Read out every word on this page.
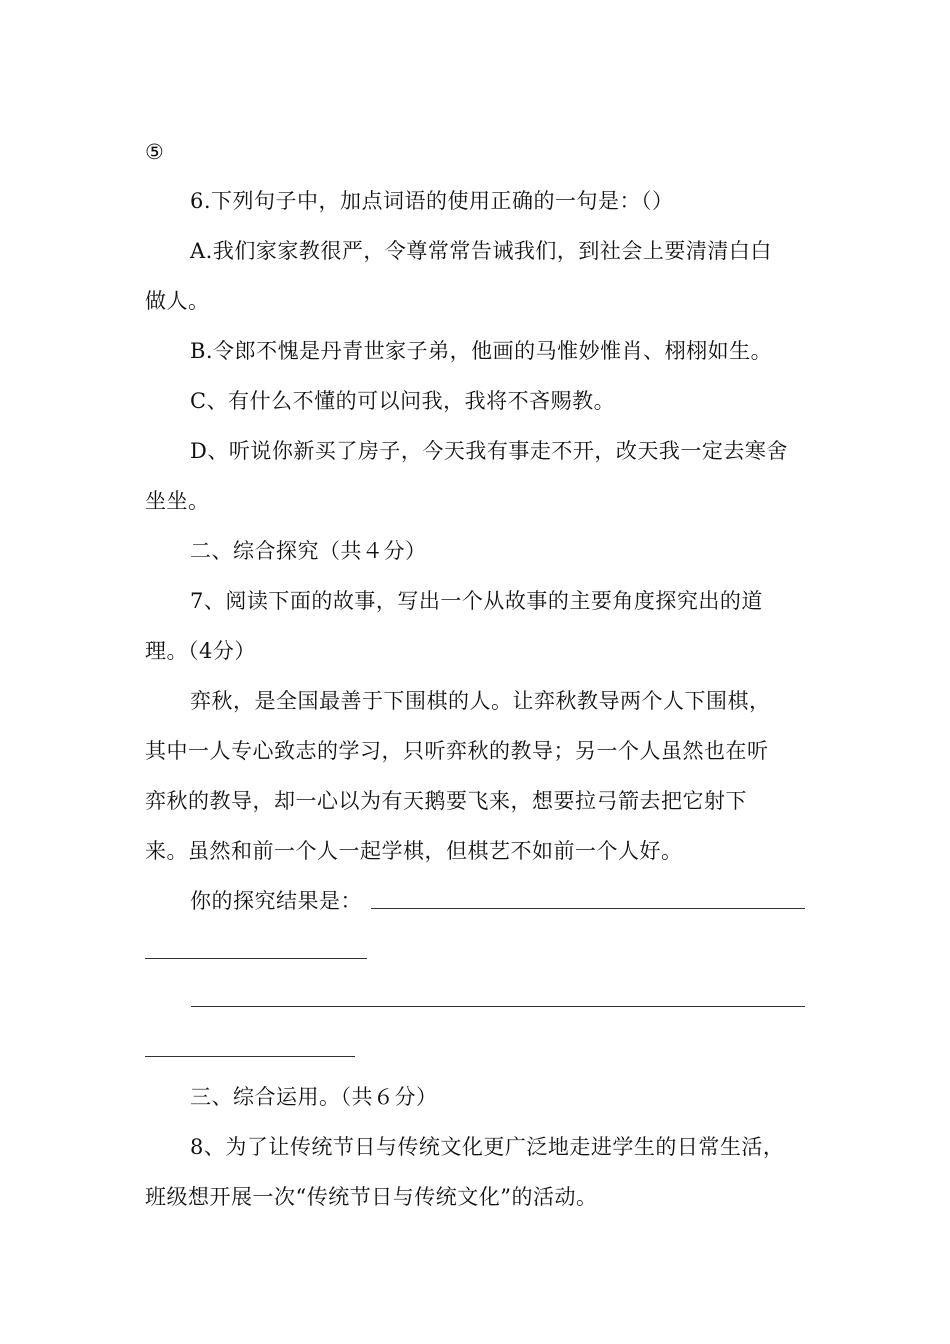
⑤
6.下列句子中，加点词语的使用正确的一句是：（）
A.我们家家教很严，令尊常常告诫我们，到社会上要清清白白
做人。
B.令郎不愧是丹青世家子弟，他画的马惟妙惟肖、栩栩如生。
C、有什么不懂的可以问我，我将不吝赐教。
D、听说你新买了房子，今天我有事走不开，改天我一定去寒舍
坐坐。
二、综合探究（共４分）
7、阅读下面的故事，写出一个从故事的主要角度探究出的道
理。（4分）
弈秋，是全国最善于下围棋的人。让弈秋教导两个人下围棋，
其中一人专心致志的学习，只听弈秋的教导；另一个人虽然也在听
弈秋的教导，却一心以为有天鹅要飞来，想要拉弓箭去把它射下
来。虽然和前一个人一起学棋，但棋艺不如前一个人好。
你的探究结果是：
三、综合运用。（共６分）
8、为了让传统节日与传统文化更广泛地走进学生的日常生活，
班级想开展一次“传统节日与传统文化”的活动。
